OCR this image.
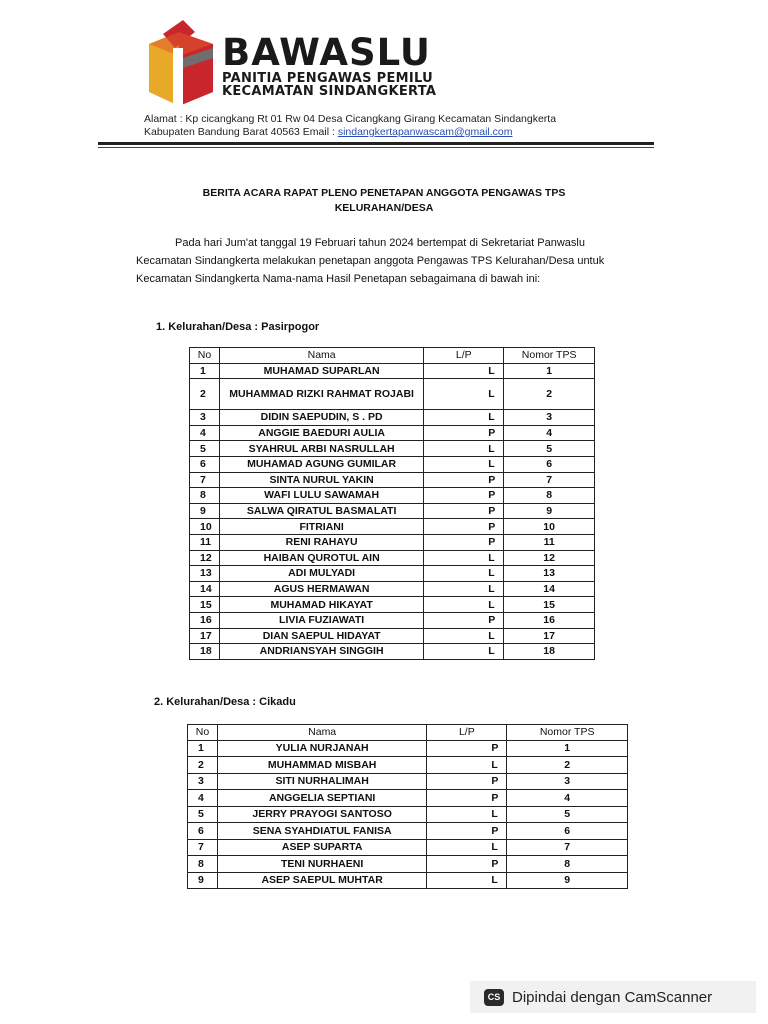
BAWASLU
PANITIA PENGAWAS PEMILU
KECAMATAN SINDANGKERTA
Alamat : Kp cicangkang Rt 01 Rw 04 Desa Cicangkang Girang Kecamatan Sindangkerta
Kabupaten Bandung Barat 40563 Email : sindangkertapanwascam@gmail.com
BERITA ACARA RAPAT PLENO PENETAPAN ANGGOTA PENGAWAS TPS
KELURAHAN/DESA
Pada hari Jum'at tanggal 19 Februari tahun 2024 bertempat di Sekretariat Panwaslu
Kecamatan Sindangkerta melakukan penetapan anggota Pengawas TPS Kelurahan/Desa untuk
Kecamatan Sindangkerta Nama-nama Hasil Penetapan sebagaimana di bawah ini:
1. Kelurahan/Desa : Pasirpogor
No	Nama	L/P	Nomor TPS
1	MUHAMAD SUPARLAN	L	1
2	MUHAMMAD RIZKI RAHMAT ROJABI	L	2
3	DIDIN SAEPUDIN, S . PD	L	3
4	ANGGIE BAEDURI AULIA	P	4
5	SYAHRUL ARBI NASRULLAH	L	5
6	MUHAMAD AGUNG GUMILAR	L	6
7	SINTA NURUL YAKIN	P	7
8	WAFI LULU SAWAMAH	P	8
9	SALWA QIRATUL BASMALATI	P	9
10	FITRIANI	P	10
11	RENI RAHAYU	P	11
12	HAIBAN QUROTUL AIN	L	12
13	ADI MULYADI	L	13
14	AGUS HERMAWAN	L	14
15	MUHAMAD HIKAYAT	L	15
16	LIVIA FUZIAWATI	P	16
17	DIAN SAEPUL HIDAYAT	L	17
18	ANDRIANSYAH SINGGIH	L	18
2. Kelurahan/Desa : Cikadu
No	Nama	L/P	Nomor TPS
1	YULIA NURJANAH	P	1
2	MUHAMMAD MISBAH	L	2
3	SITI NURHALIMAH	P	3
4	ANGGELIA SEPTIANI	P	4
5	JERRY PRAYOGI SANTOSO	L	5
6	SENA SYAHDIATUL FANISA	P	6
7	ASEP SUPARTA	L	7
8	TENI NURHAENI	P	8
9	ASEP SAEPUL MUHTAR	L	9
CS Dipindai dengan CamScanner
